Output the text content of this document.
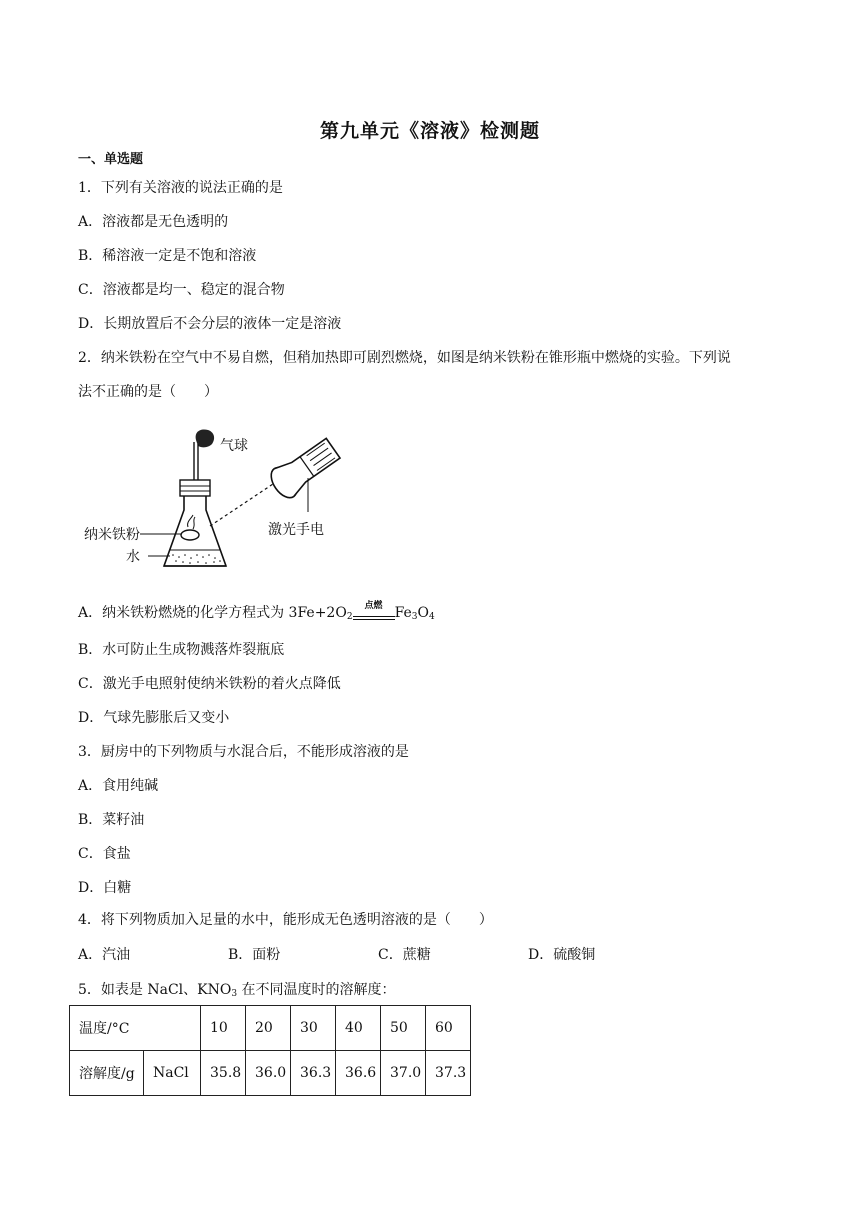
第九单元《溶液》检测题
一、单选题
1．下列有关溶液的说法正确的是
A．溶液都是无色透明的
B．稀溶液一定是不饱和溶液
C．溶液都是均一、稳定的混合物
D．长期放置后不会分层的液体一定是溶液
2．纳米铁粉在空气中不易自燃，但稍加热即可剧烈燃烧，如图是纳米铁粉在锥形瓶中燃烧的实验。下列说
法不正确的是（　　）
气球
纳米铁粉
水
激光手电
A．纳米铁粉燃烧的化学方程式为 $3Fe+2O_2$
点燃 $Fe_3O_4$
B．水可防止生成物溅落炸裂瓶底
C．激光手电照射使纳米铁粉的着火点降低
D．气球先膨胀后又变小
3．厨房中的下列物质与水混合后，不能形成溶液的是
A．食用纯碱
B．菜籽油
C．食盐
D．白糖
4．将下列物质加入足量的水中，能形成无色透明溶液的是（　　）
A．汽油	B．面粉	C．蔗糖	D．硫酸铜
5．如表是 NaCl、$KNO_3$ 在不同温度时的溶解度：
温度/°C		10	20	30	40	50	60
溶解度/g	NaCl	35.8	36.0	36.3	36.6	37.0	37.3
